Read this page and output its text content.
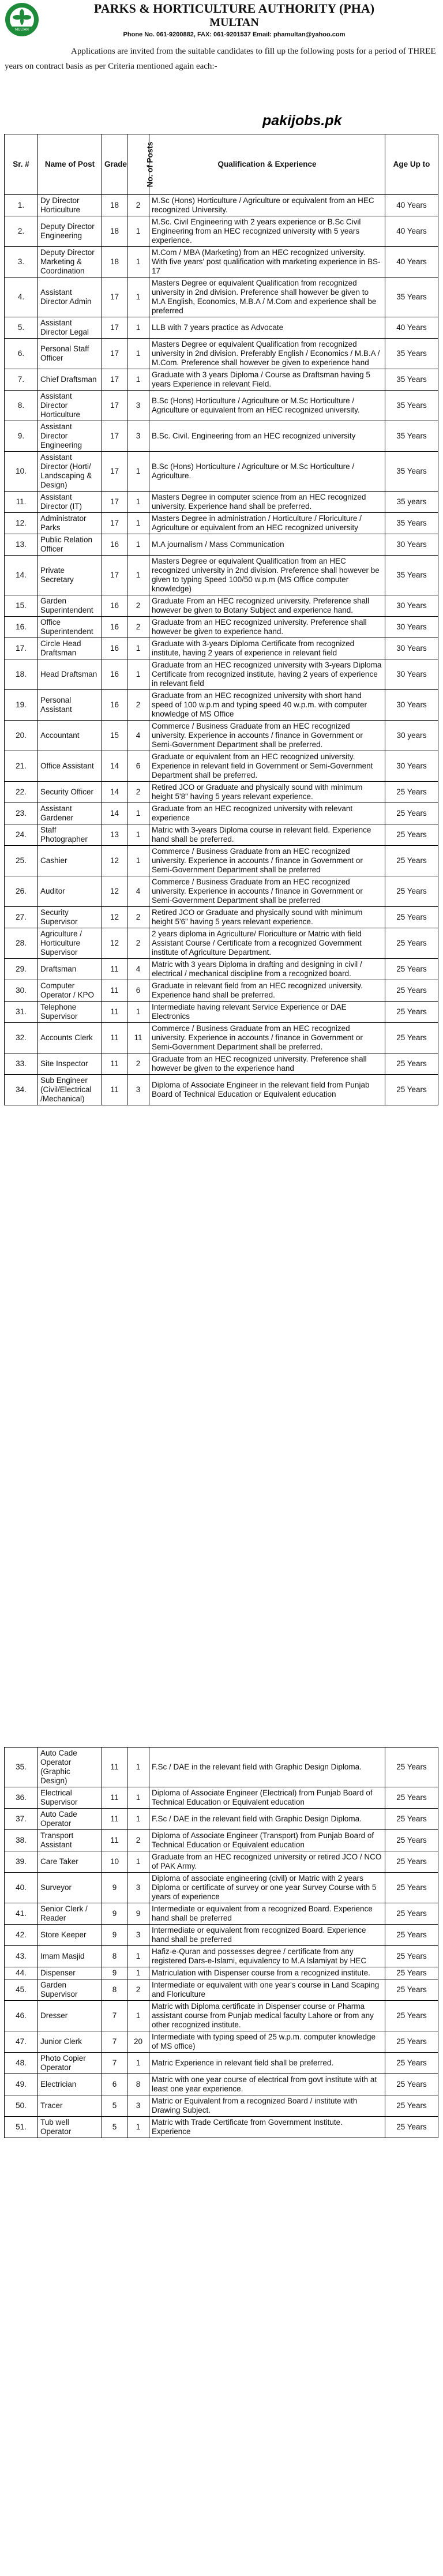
MULTAN
PARKS & HORTICULTURE AUTHORITY (PHA)
MULTAN
Phone No. 061-9200882, FAX: 061-9201537 Email: phamultan@yahoo.com

Applications are invited from the suitable candidates to fill up the following posts for a period of THREE years on contract basis as per Criteria mentioned again each:-

pakijobs.pk
Sr. #	Name of Post	Grade	No. of Posts	Qualification & Experience	Age Up to
1.	Dy Director Horticulture	18	2	M.Sc (Hons) Horticulture / Agriculture or equivalent from an HEC recognized University.	40 Years
2.	Deputy Director Engineering	18	1	M.Sc. Civil Engineering with 2 years experience or B.Sc Civil Engineering from an HEC recognized university with 5 years experience.	40 Years
3.	Deputy Director Marketing & Coordination	18	1	M.Com / MBA (Marketing) from an HEC recognized university. With five years' post qualification with marketing experience in BS-17	40 Years
4.	Assistant Director Admin	17	1	Masters Degree or equivalent Qualification from recognized university in 2nd division. Preference shall however be given to M.A English, Economics, M.B.A / M.Com and experience shall be preferred	35 Years
5.	Assistant Director Legal	17	1	LLB with 7 years practice as Advocate	40 Years
6.	Personal Staff Officer	17	1	Masters Degree or equivalent Qualification from recognized university in 2nd division. Preferably English / Economics / M.B.A / M.Com. Preference shall however be given to experience hand	35 Years
7.	Chief Draftsman	17	1	Graduate with 3 years Diploma / Course as Draftsman having 5 years Experience in relevant Field.	35 Years
8.	Assistant Director Horticulture	17	3	B.Sc (Hons) Horticulture / Agriculture or M.Sc Horticulture / Agriculture or equivalent from an HEC recognized university.	35 Years
9.	Assistant Director Engineering	17	3	B.Sc. Civil. Engineering from an HEC recognized university	35 Years
10.	Assistant Director (Horti/ Landscaping & Design)	17	1	B.Sc (Hons) Horticulture / Agriculture or M.Sc Horticulture / Agriculture.	35 Years
11.	Assistant Director (IT)	17	1	Masters Degree in computer science from an HEC recognized university. Experience hand shall be preferred.	35 years
12.	Administrator Parks	17	1	Masters Degree in administration / Horticulture / Floriculture / Agriculture or equivalent from an HEC recognized university	35 Years
13.	Public Relation Officer	16	1	M.A journalism / Mass Communication	30 Years
14.	Private Secretary	17	1	Masters Degree or equivalent Qualification from an HEC recognized university in 2nd division. Preference shall however be given to typing Speed 100/50 w.p.m (MS Office computer knowledge)	35 Years
15.	Garden Superintendent	16	2	Graduate From an HEC recognized university. Preference shall however be given to Botany Subject and experience hand.	30 Years
16.	Office Superintendent	16	2	Graduate from an HEC recognized university. Preference shall however be given to experience hand.	30 Years
17.	Circle Head Draftsman	16	1	Graduate with 3-years Diploma Certificate from recognized institute, having 2 years of experience in relevant field	30 Years
18.	Head Draftsman	16	1	Graduate from an HEC recognized university with 3-years Diploma Certificate from recognized institute, having 2 years of experience in relevant field	30 Years
19.	Personal Assistant	16	2	Graduate from an HEC recognized university with short hand speed of 100 w.p.m and typing speed 40 w.p.m. with computer knowledge of MS Office	30 Years
20.	Accountant	15	4	Commerce / Business Graduate from an HEC recognized university. Experience in accounts / finance in Government or Semi-Government Department shall be preferred.	30 years
21.	Office Assistant	14	6	Graduate or equivalent from an HEC recognized university. Experience in relevant field in Government or Semi-Government Department shall be preferred.	30 Years
22.	Security Officer	14	2	Retired JCO or Graduate and physically sound with minimum height 5'8" having 5 years relevant experience.	25 Years
23.	Assistant Gardener	14	1	Graduate from an HEC recognized university with relevant experience	25 Years
24.	Staff Photographer	13	1	Matric with 3-years Diploma course in relevant field. Experience hand shall be preferred.	25 Years
25.	Cashier	12	1	Commerce / Business Graduate from an HEC recognized university. Experience in accounts / finance in Government or Semi-Government Department shall be preferred	25 Years
26.	Auditor	12	4	Commerce / Business Graduate from an HEC recognized university. Experience in accounts / finance in Government or Semi-Government Department shall be preferred	25 Years
27.	Security Supervisor	12	2	Retired JCO or Graduate and physically sound with minimum height 5'6" having 5 years relevant experience.	25 Years
28.	Agriculture / Horticulture Supervisor	12	2	2 years diploma in Agriculture/ Floriculture or Matric with field Assistant Course / Certificate from a recognized Government institute of Agriculture Department.	25 Years
29.	Draftsman	11	4	Matric with 3 years Diploma in drafting and designing in civil / electrical / mechanical discipline from a recognized board.	25 Years
30.	Computer Operator / KPO	11	6	Graduate in relevant field from an HEC recognized university. Experience hand shall be preferred.	25 Years
31.	Telephone Supervisor	11	1	Intermediate having relevant Service Experience or DAE Electronics	25 Years
32.	Accounts Clerk	11	11	Commerce / Business Graduate from an HEC recognized university. Experience in accounts / finance in Government or Semi-Government Department shall be preferred.	25 Years
33.	Site Inspector	11	2	Graduate from an HEC recognized university. Preference shall however be given to the experience hand	25 Years
34.	Sub Engineer (Civil/Electrical /Mechanical)	11	3	Diploma of Associate Engineer in the relevant field from Punjab Board of Technical Education or Equivalent education	25 Years
35.	Auto Cade Operator (Graphic Design)	11	1	F.Sc / DAE in the relevant field with Graphic Design Diploma.	25 Years
36.	Electrical Supervisor	11	1	Diploma of Associate Engineer (Electrical) from Punjab Board of Technical Education or Equivalent education	25 Years
37.	Auto Cade Operator	11	1	F.Sc / DAE in the relevant field with Graphic Design Diploma.	25 Years
38.	Transport Assistant	11	2	Diploma of Associate Engineer (Transport) from Punjab Board of Technical Education or Equivalent education	25 Years
39.	Care Taker	10	1	Graduate from an HEC recognized university or retired JCO / NCO of PAK Army.	25 Years
40.	Surveyor	9	3	Diploma of associate engineering (civil) or Matric with 2 years Diploma or certificate of survey or one year Survey Course with 5 years of experience	25 Years
41.	Senior Clerk / Reader	9	9	Intermediate or equivalent from a recognized Board. Experience hand shall be preferred	25 Years
42.	Store Keeper	9	3	Intermediate or equivalent from recognized Board. Experience hand shall be preferred	25 Years
43.	Imam Masjid	8	1	Hafiz-e-Quran and possesses degree / certificate from any registered Dars-e-Islami, equivalency to M.A Islamiyat by HEC	25 Years
44.	Dispenser	9	1	Matriculation with Dispenser course from a recognized institute.	25 Years
45.	Garden Supervisor	8	2	Intermediate or equivalent with one year's course in Land Scaping and Floriculture	25 Years
46.	Dresser	7	1	Matric with Diploma certificate in Dispenser course or Pharma assistant course from Punjab medical faculty Lahore or from any other recognized institute.	25 Years
47.	Junior Clerk	7	20	Intermediate with typing speed of 25 w.p.m. computer knowledge of MS office)	25 Years
48.	Photo Copier Operator	7	1	Matric Experience in relevant field shall be preferred.	25 Years
49.	Electrician	6	8	Matric with one year course of electrical from govt institute with at least one year experience.	25 Years
50.	Tracer	5	3	Matric or Equivalent from a recognized Board / institute with Drawing Subject.	25 Years
51.	Tub well Operator	5	1	Matric with Trade Certificate from Government Institute. Experience	25 Years
